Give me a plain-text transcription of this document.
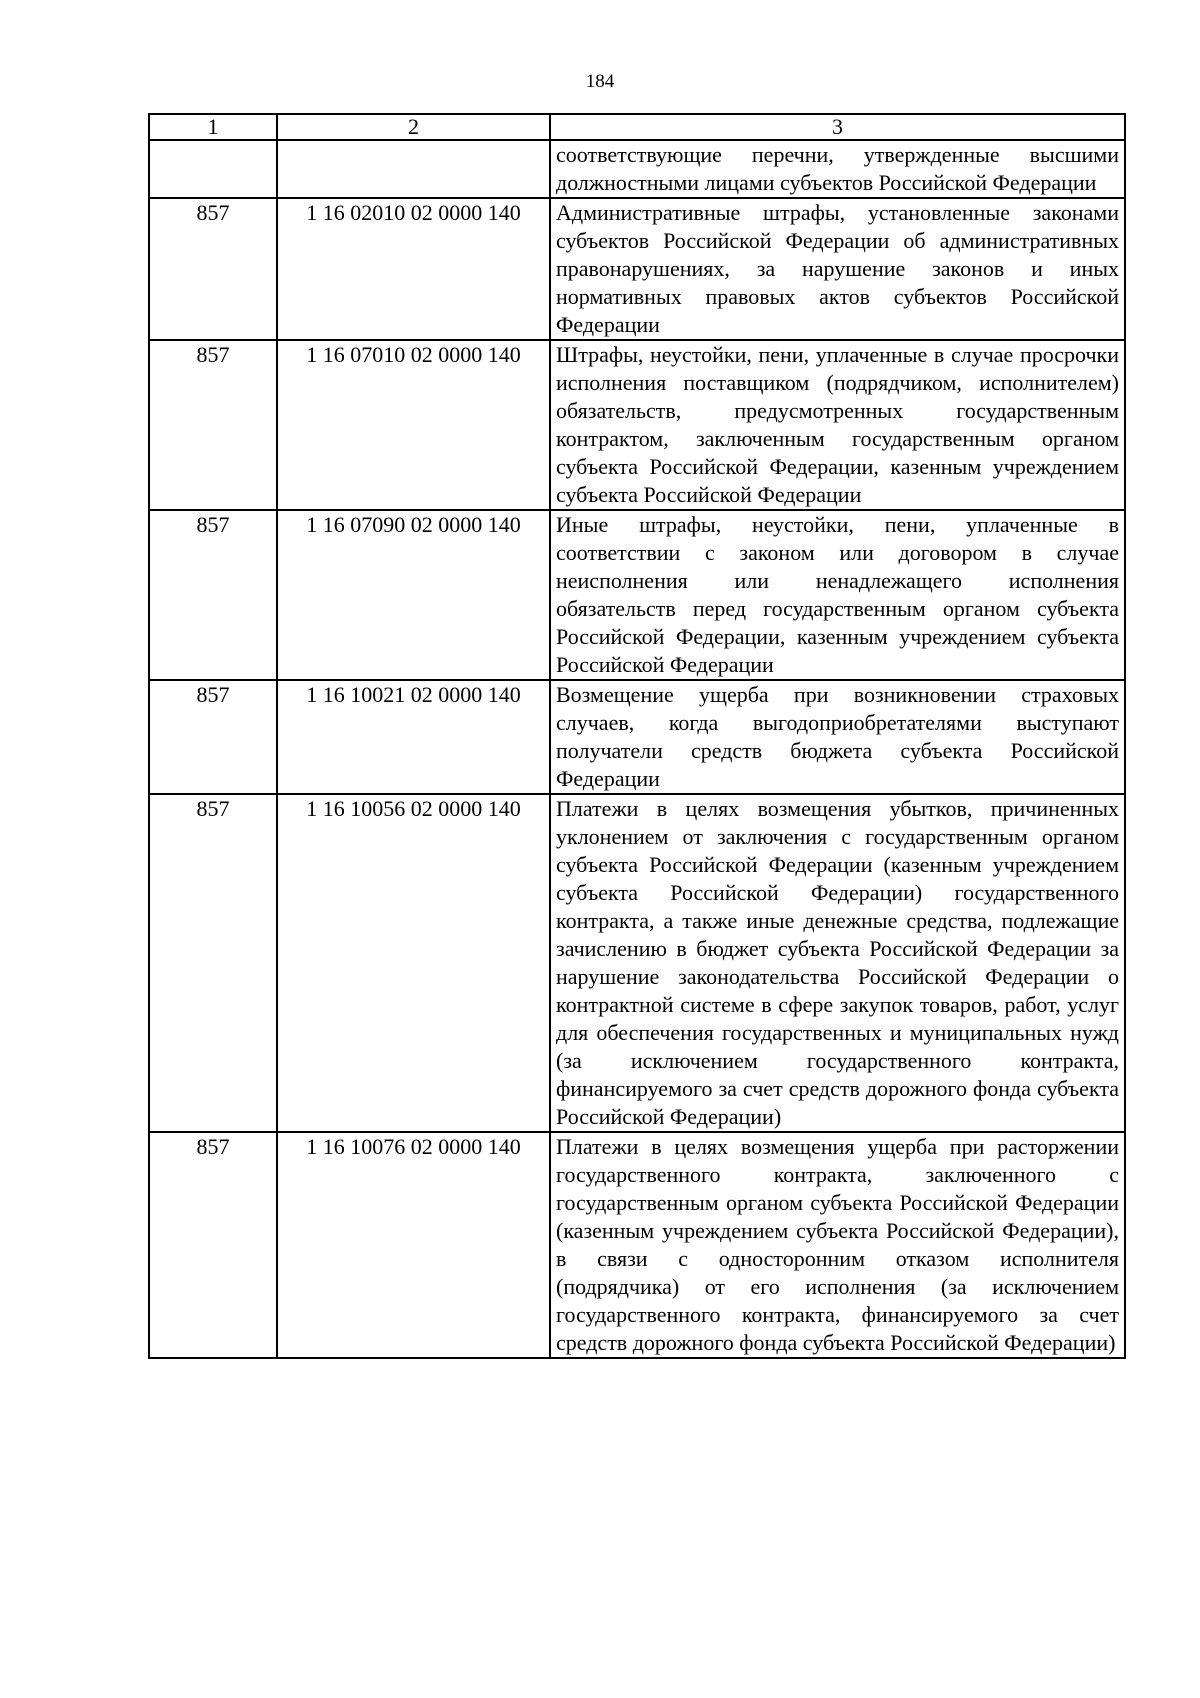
184
1	2	3
		соответствующие перечни, утвержденные высшими должностными лицами субъектов Российской Федерации
857	1 16 02010 02 0000 140	Административные штрафы, установленные законами субъектов Российской Федерации об административных правонарушениях, за нарушение законов и иных нормативных правовых актов субъектов Российской Федерации
857	1 16 07010 02 0000 140	Штрафы, неустойки, пени, уплаченные в случае просрочки исполнения поставщиком (подрядчиком, исполнителем) обязательств, предусмотренных государственным контрактом, заключенным государственным органом субъекта Российской Федерации, казенным учреждением субъекта Российской Федерации
857	1 16 07090 02 0000 140	Иные штрафы, неустойки, пени, уплаченные в соответствии с законом или договором в случае неисполнения или ненадлежащего исполнения обязательств перед государственным органом субъекта Российской Федерации, казенным учреждением субъекта Российской Федерации
857	1 16 10021 02 0000 140	Возмещение ущерба при возникновении страховых случаев, когда выгодоприобретателями выступают получатели средств бюджета субъекта Российской Федерации
857	1 16 10056 02 0000 140	Платежи в целях возмещения убытков, причиненных уклонением от заключения с государственным органом субъекта Российской Федерации (казенным учреждением субъекта Российской Федерации) государственного контракта, а также иные денежные средства, подлежащие зачислению в бюджет субъекта Российской Федерации за нарушение законодательства Российской Федерации о контрактной системе в сфере закупок товаров, работ, услуг для обеспечения государственных и муниципальных нужд (за исключением государственного контракта, финансируемого за счет средств дорожного фонда субъекта Российской Федерации)
857	1 16 10076 02 0000 140	Платежи в целях возмещения ущерба при расторжении государственного контракта, заключенного с государственным органом субъекта Российской Федерации (казенным учреждением субъекта Российской Федерации), в связи с односторонним отказом исполнителя (подрядчика) от его исполнения (за исключением государственного контракта, финансируемого за счет средств дорожного фонда субъекта Российской Федерации)
